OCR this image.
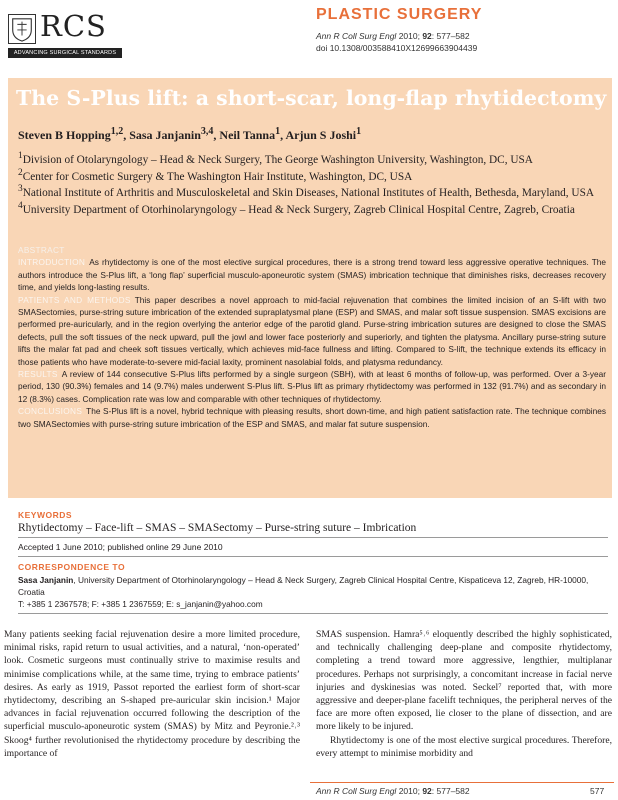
RCS
ADVANCING SURGICAL STANDARDS
PLASTIC SURGERY
Ann R Coll Surg Engl 2010; 92: 577–582
doi 10.1308/003588410X12699663904439
The S-Plus lift: a short-scar, long-flap rhytidectomy
Steven B Hopping$^{1,2}$, Sasa Janjanin$^{3,4}$, Neil Tanna$^1$, Arjun S Joshi$^1$

$^1$Division of Otolaryngology – Head & Neck Surgery, The George Washington University, Washington, DC, USA

$^2$Center for Cosmetic Surgery & The Washington Hair Institute, Washington, DC, USA

$^3$National Institute of Arthritis and Musculoskeletal and Skin Diseases, National Institutes of Health, Bethesda, Maryland, USA

$^4$University Department of Otorhinolaryngology – Head & Neck Surgery, Zagreb Clinical Hospital Centre, Zagreb, Croatia

ABSTRACT

INTRODUCTION As rhytidectomy is one of the most elective surgical procedures, there is a strong trend toward less aggressive operative techniques. The authors introduce the S-Plus lift, a ‘long flap’ superficial musculo-aponeurotic system (SMAS) imbrication technique that diminishes risks, decreases recovery time, and yields long-lasting results.

PATIENTS AND METHODS This paper describes a novel approach to mid-facial rejuvenation that combines the limited incision of an S-lift with two SMASectomies, purse-string suture imbrication of the extended supraplatysmal plane (ESP) and SMAS, and malar soft tissue suspension. SMAS excisions are performed pre-auricularly, and in the region overlying the anterior edge of the parotid gland. Purse-string imbrication sutures are designed to close the SMAS defects, pull the soft tissues of the neck upward, pull the jowl and lower face posteriorly and superiorly, and tighten the platysma. Ancillary purse-string suture lifts the malar fat pad and cheek soft tissues vertically, which achieves mid-face fullness and lifting. Compared to S-lift, the technique extends its efficacy in those patients who have moderate-to-severe mid-facial laxity, prominent nasolabial folds, and platysma redundancy.

RESULTS A review of 144 consecutive S-Plus lifts performed by a single surgeon (SBH), with at least 6 months of follow-up, was performed. Over a 3-year period, 130 (90.3%) females and 14 (9.7%) males underwent S-Plus lift. S-Plus lift as primary rhytidectomy was performed in 132 (91.7%) and as secondary in 12 (8.3%) cases. Complication rate was low and comparable with other techniques of rhytidectomy.

CONCLUSIONS The S-Plus lift is a novel, hybrid technique with pleasing results, short down-time, and high patient satisfaction rate. The technique combines two SMASectomies with purse-string suture imbrication of the ESP and SMAS, and malar fat suture suspension.

KEYWORDS
Rhytidectomy – Face-lift – SMAS – SMASectomy – Purse-string suture – Imbrication
Accepted 1 June 2010; published online 29 June 2010
CORRESPONDENCE TO
Sasa Janjanin, University Department of Otorhinolaryngology – Head & Neck Surgery, Zagreb Clinical Hospital Centre, Kispaticeva 12, Zagreb, HR-10000, Croatia
T: +385 1 2367578; F: +385 1 2367559; E: s_janjanin@yahoo.com

Many patients seeking facial rejuvenation desire a more limited procedure, minimal risks, rapid return to usual activities, and a natural, ‘non-operated’ look. Cosmetic surgeons must continually strive to maximise results and minimise complications while, at the same time, trying to embrace patients’ desires. As early as 1919, Passot reported the earliest form of short-scar rhytidectomy, describing an S-shaped pre-auricular skin incision.¹ Major advances in facial rejuvenation occurred following the description of the superficial musculo-aponeurotic system (SMAS) by Mitz and Peyronie.²˒³ Skoog⁴ further revolutionised the rhytidectomy procedure by describing the importance of

SMAS suspension. Hamra⁵˒⁶ eloquently described the highly sophisticated, and technically challenging deep-plane and composite rhytidectomy, completing a trend toward more aggressive, lengthier, multiplanar procedures. Perhaps not surprisingly, a concomitant increase in facial nerve injuries and dyskinesias was noted. Seckel⁷ reported that, with more aggressive and deeper-plane facelift techniques, the peripheral nerves of the face are more often exposed, lie closer to the plane of dissection, and are more likely to be injured.

Rhytidectomy is one of the most elective surgical procedures. Therefore, every attempt to minimise morbidity and

Ann R Coll Surg Engl 2010; 92: 577–582	577
